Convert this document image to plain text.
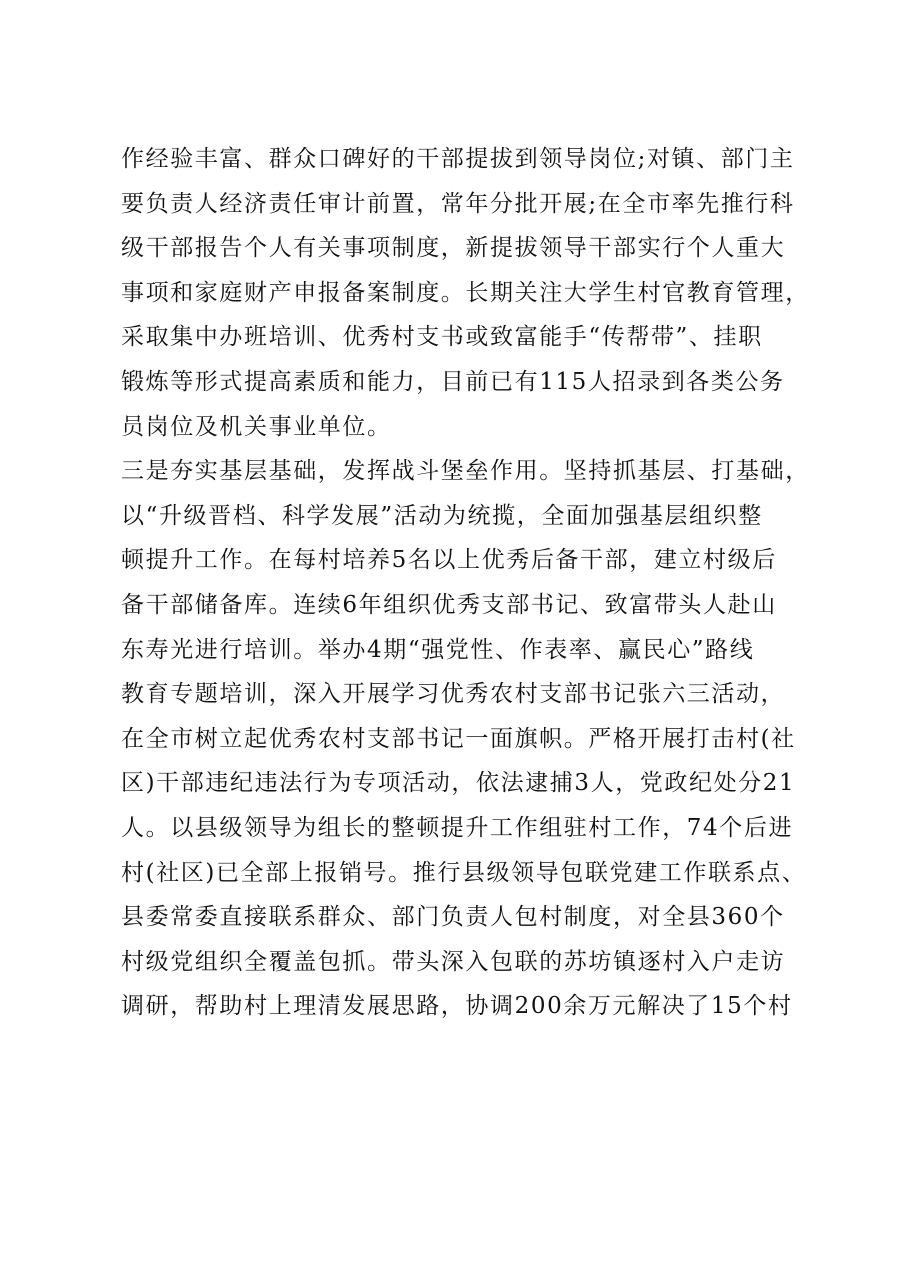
作经验丰富、群众口碑好的干部提拔到领导岗位;对镇、部门主
要负责人经济责任审计前置，常年分批开展;在全市率先推行科
级干部报告个人有关事项制度，新提拔领导干部实行个人重大
事项和家庭财产申报备案制度。长期关注大学生村官教育管理，
采取集中办班培训、优秀村支书或致富能手“传帮带”、挂职
锻炼等形式提高素质和能力，目前已有115人招录到各类公务
员岗位及机关事业单位。
三是夯实基层基础，发挥战斗堡垒作用。坚持抓基层、打基础，
以“升级晋档、科学发展”活动为统揽，全面加强基层组织整
顿提升工作。在每村培养5名以上优秀后备干部，建立村级后
备干部储备库。连续6年组织优秀支部书记、致富带头人赴山
东寿光进行培训。举办4期“强党性、作表率、赢民心”路线
教育专题培训，深入开展学习优秀农村支部书记张六三活动，
在全市树立起优秀农村支部书记一面旗帜。严格开展打击村(社
区)干部违纪违法行为专项活动，依法逮捕3人，党政纪处分21
人。以县级领导为组长的整顿提升工作组驻村工作，74个后进
村(社区)已全部上报销号。推行县级领导包联党建工作联系点、
县委常委直接联系群众、部门负责人包村制度，对全县360个
村级党组织全覆盖包抓。带头深入包联的苏坊镇逐村入户走访
调研，帮助村上理清发展思路，协调200余万元解决了15个村
